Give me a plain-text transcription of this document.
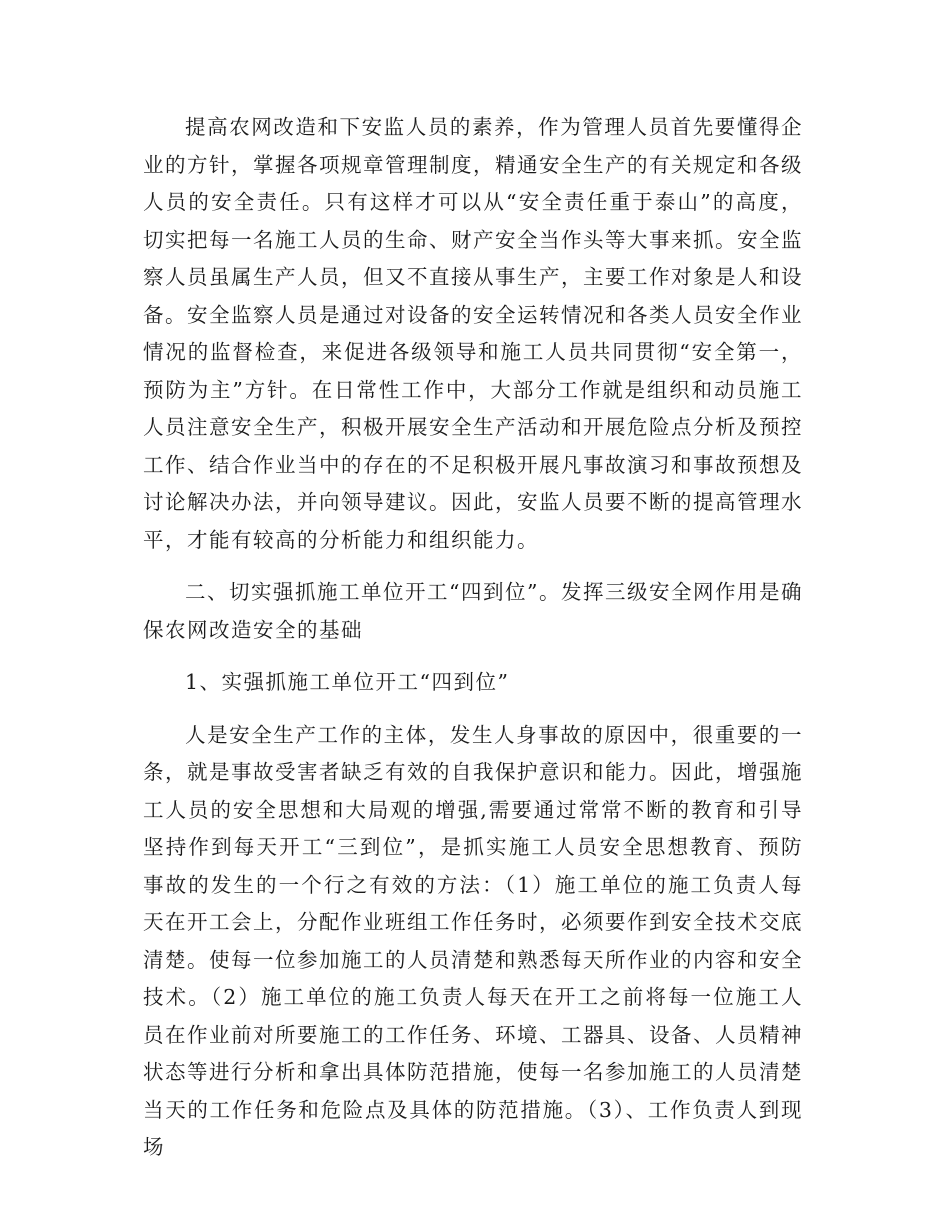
提高农网改造和下安监人员的素养，作为管理人员首先要懂得企业的方针，掌握各项规章管理制度，精通安全生产的有关规定和各级人员的安全责任。只有这样才可以从“安全责任重于泰山”的高度，切实把每一名施工人员的生命、财产安全当作头等大事来抓。安全监察人员虽属生产人员，但又不直接从事生产，主要工作对象是人和设备。安全监察人员是通过对设备的安全运转情况和各类人员安全作业情况的监督检查，来促进各级领导和施工人员共同贯彻“安全第一，预防为主”方针。在日常性工作中，大部分工作就是组织和动员施工人员注意安全生产，积极开展安全生产活动和开展危险点分析及预控工作、结合作业当中的存在的不足积极开展凡事故演习和事故预想及讨论解决办法，并向领导建议。因此，安监人员要不断的提高管理水平，才能有较高的分析能力和组织能力。

二、切实强抓施工单位开工“四到位”。发挥三级安全网作用是确保农网改造安全的基础

1、实强抓施工单位开工“四到位”

人是安全生产工作的主体，发生人身事故的原因中，很重要的一条，就是事故受害者缺乏有效的自我保护意识和能力。因此，增强施工人员的安全思想和大局观的增强,需要通过常常不断的教育和引导坚持作到每天开工“三到位”，是抓实施工人员安全思想教育、预防事故的发生的一个行之有效的方法：（1）施工单位的施工负责人每天在开工会上，分配作业班组工作任务时，必须要作到安全技术交底清楚。使每一位参加施工的人员清楚和熟悉每天所作业的内容和安全技术。（2）施工单位的施工负责人每天在开工之前将每一位施工人员在作业前对所要施工的工作任务、环境、工器具、设备、人员精神状态等进行分析和拿出具体防范措施，使每一名参加施工的人员清楚当天的工作任务和危险点及具体的防范措施。（3）、工作负责人到现场
